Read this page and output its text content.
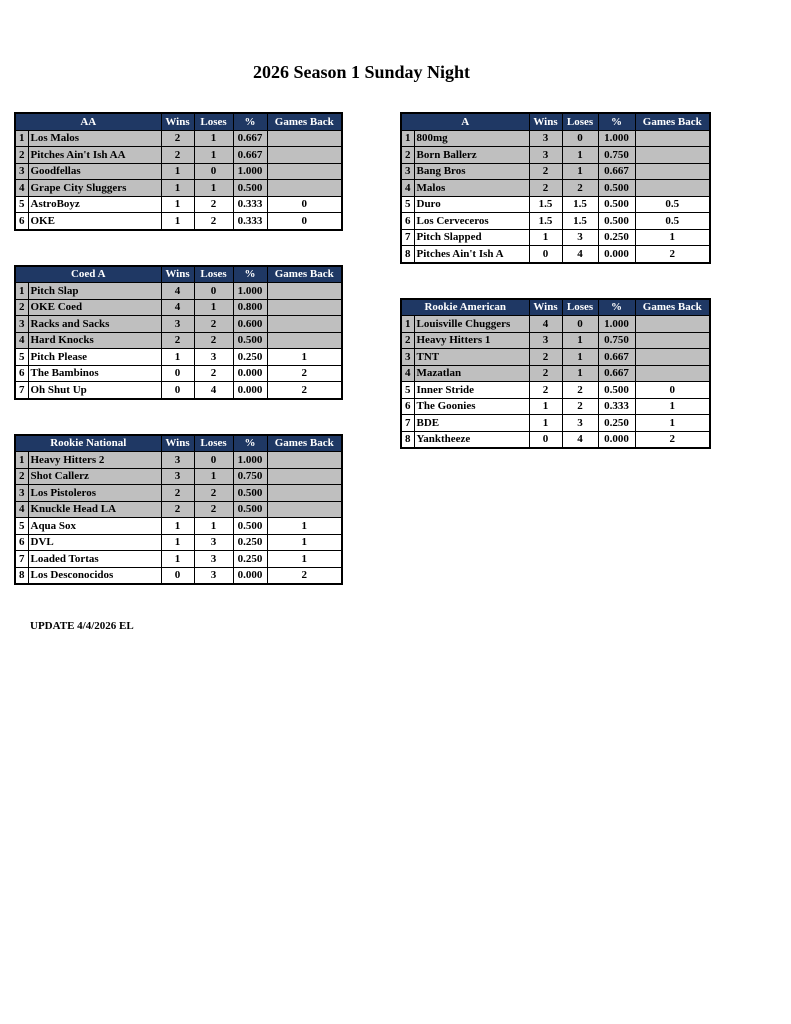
2026 Season 1 Sunday Night
AA		Wins	Loses	%	Games Back
1	Los Malos	2	1	0.667	
2	Pitches Ain't Ish AA	2	1	0.667	
3	Goodfellas	1	0	1.000	
4	Grape City Sluggers	1	1	0.500	
5	AstroBoyz	1	2	0.333	0
6	OKE	1	2	0.333	0
Coed A		Wins	Loses	%	Games Back
1	Pitch Slap	4	0	1.000	
2	OKE Coed	4	1	0.800	
3	Racks and Sacks	3	2	0.600	
4	Hard Knocks	2	2	0.500	
5	Pitch Please	1	3	0.250	1
6	The Bambinos	0	2	0.000	2
7	Oh Shut Up	0	4	0.000	2
Rookie National		Wins	Loses	%	Games Back
1	Heavy Hitters 2	3	0	1.000	
2	Shot Callerz	3	1	0.750	
3	Los Pistoleros	2	2	0.500	
4	Knuckle Head LA	2	2	0.500	
5	Aqua Sox	1	1	0.500	1
6	DVL	1	3	0.250	1
7	Loaded Tortas	1	3	0.250	1
8	Los Desconocidos	0	3	0.000	2
A		Wins	Loses	%	Games Back
1	800mg	3	0	1.000	
2	Born Ballerz	3	1	0.750	
3	Bang Bros	2	1	0.667	
4	Malos	2	2	0.500	
5	Duro	1.5	1.5	0.500	0.5
6	Los Cerveceros	1.5	1.5	0.500	0.5
7	Pitch Slapped	1	3	0.250	1
8	Pitches Ain't Ish A	0	4	0.000	2
Rookie American		Wins	Loses	%	Games Back
1	Louisville Chuggers	4	0	1.000	
2	Heavy Hitters 1	3	1	0.750	
3	TNT	2	1	0.667	
4	Mazatlan	2	1	0.667	
5	Inner Stride	2	2	0.500	0
6	The Goonies	1	2	0.333	1
7	BDE	1	3	0.250	1
8	Yanktheeze	0	4	0.000	2
UPDATE 4/4/2026 EL
